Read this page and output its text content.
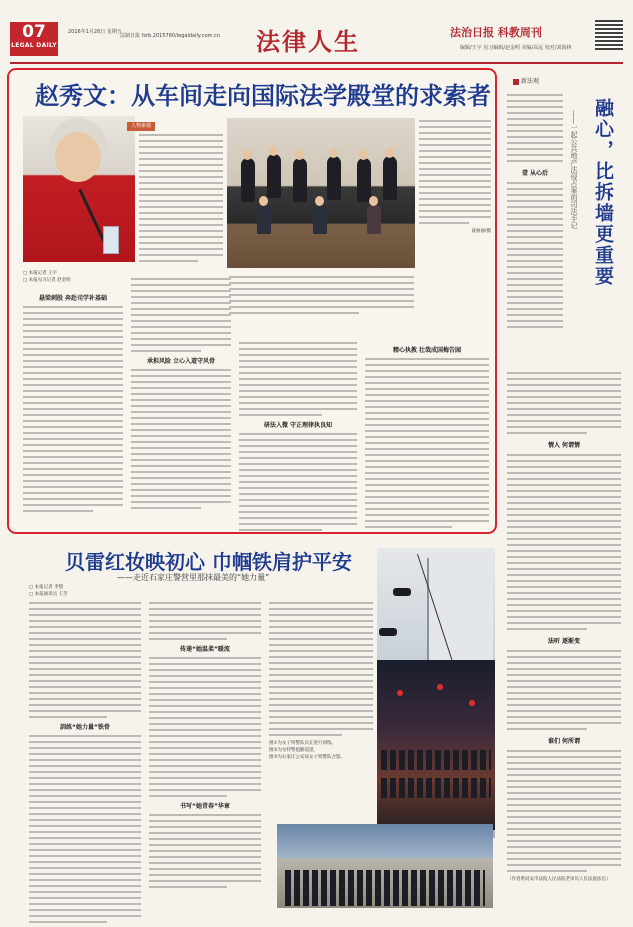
07
LEGAL DAILY
2016年1月26日 星期五
法制日报 fzrb.2015760/legaldaily.com.cn 法律人生	法治日报 科教周刊
编辑/王宇 见习编辑/赵金明 美编/高远 校对/刘海林
赵秀文：从车间走向国际法学殿堂的求索者
人物素描
聂丽丽/摄
□ 本报记者 王宇
□ 本报见习记者 赵金明
悬梁刺股 奔赴司学补基础
承担风险 立心入道守风骨
研法入微 守正理律执良知
精心执教 壮哉成国梅告园
新法观
融心，比拆墙更重要
——一起公共地产法侵占案的司法手记
壹 从心后
情人 何谓情
法听 逐渐变
谁们 何所谓
（作者系同安市法院人民法院老审员人民法庭法官）
贝雷红妆映初心 巾帼铁肩护平安
——走近石家庄警营里那抹最美的“她力量”
□ 本报记者 李想
□ 本报通讯员 王芳
訓练“她力量”铁骨
传递“她温柔”暖流
书写“她青春”华章
图①为女子特警队员在进行训练。
图②为女特警值勤巡逻。
图③为石家庄公安局女子特警队合影。
